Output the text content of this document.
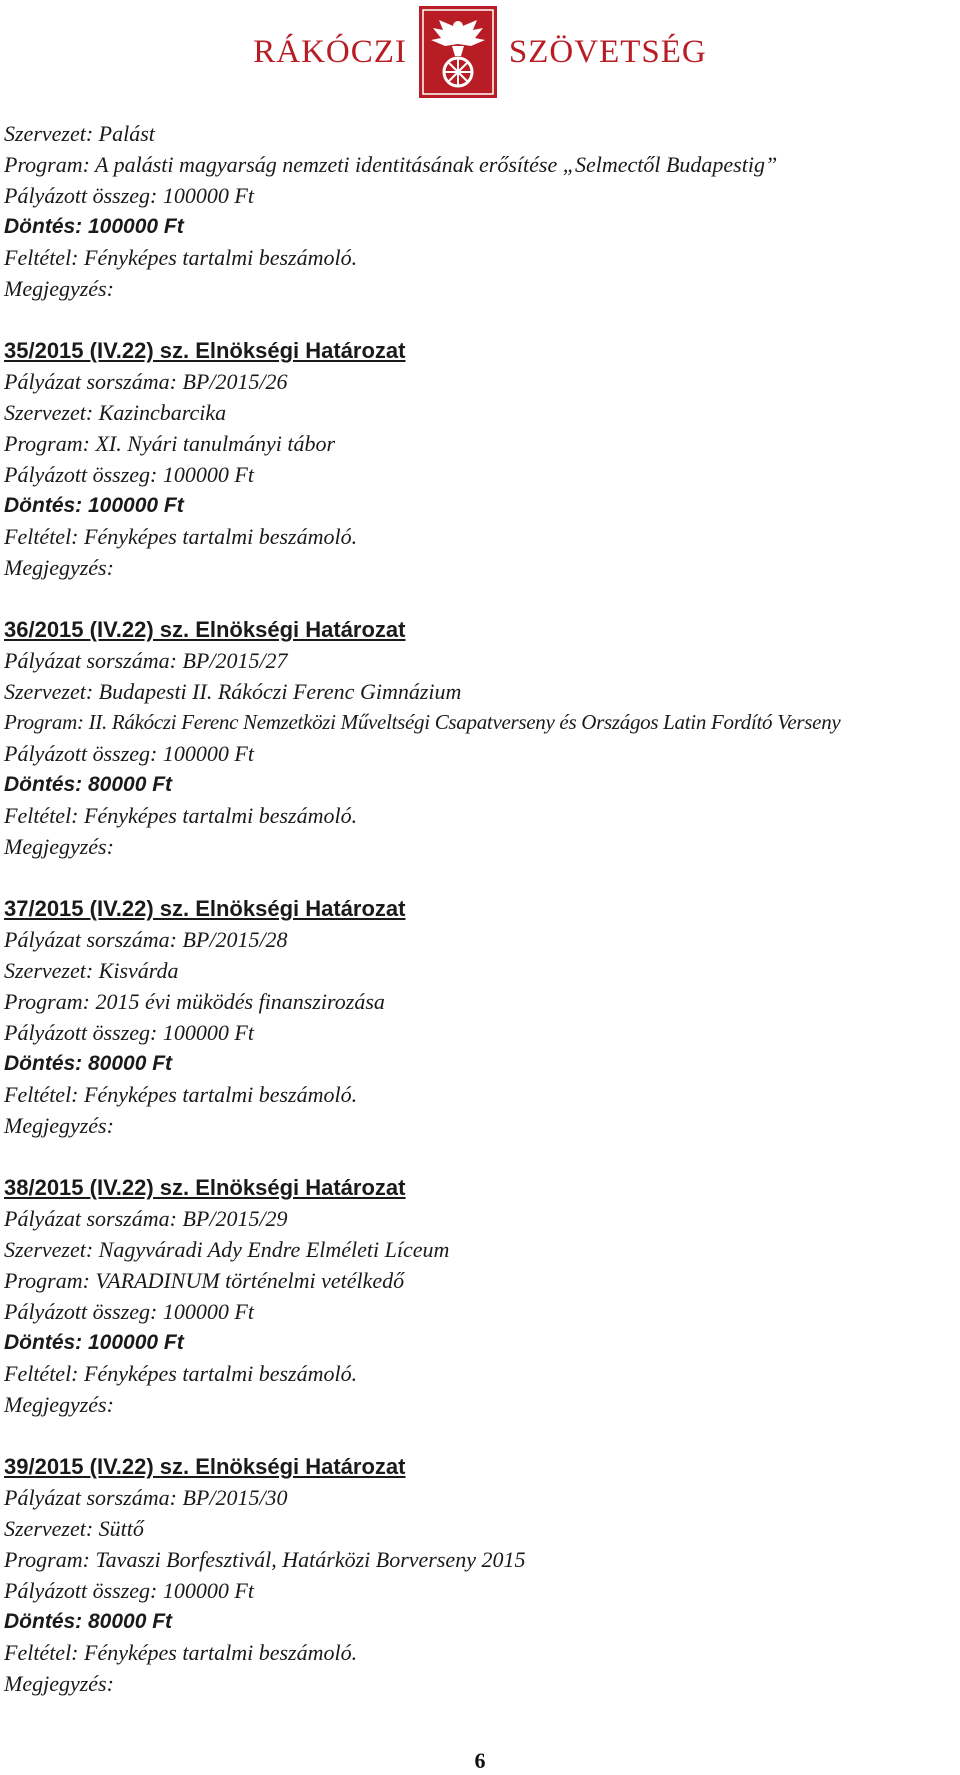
RÁKÓCZI	SZÖVETSÉG
Szervezet: Palást
Program: A palásti magyarság nemzeti identitásának erősítése „Selmectől Budapestig”
Pályázott összeg: 100000 Ft
Döntés: 100000 Ft
Feltétel: Fényképes tartalmi beszámoló.
Megjegyzés:
35/2015 (IV.22) sz. Elnökségi Határozat
Pályázat sorszáma: BP/2015/26
Szervezet: Kazincbarcika
Program: XI. Nyári tanulmányi tábor
Pályázott összeg: 100000 Ft
Döntés: 100000 Ft
Feltétel: Fényképes tartalmi beszámoló.
Megjegyzés:
36/2015 (IV.22) sz. Elnökségi Határozat
Pályázat sorszáma: BP/2015/27
Szervezet: Budapesti II. Rákóczi Ferenc Gimnázium
Program: II. Rákóczi Ferenc Nemzetközi Műveltségi Csapatverseny és Országos Latin Fordító Verseny
Pályázott összeg: 100000 Ft
Döntés: 80000 Ft
Feltétel: Fényképes tartalmi beszámoló.
Megjegyzés:
37/2015 (IV.22) sz. Elnökségi Határozat
Pályázat sorszáma: BP/2015/28
Szervezet: Kisvárda
Program: 2015 évi müködés finanszirozása
Pályázott összeg: 100000 Ft
Döntés: 80000 Ft
Feltétel: Fényképes tartalmi beszámoló.
Megjegyzés:
38/2015 (IV.22) sz. Elnökségi Határozat
Pályázat sorszáma: BP/2015/29
Szervezet: Nagyváradi Ady Endre Elméleti Líceum
Program: VARADINUM történelmi vetélkedő
Pályázott összeg: 100000 Ft
Döntés: 100000 Ft
Feltétel: Fényképes tartalmi beszámoló.
Megjegyzés:
39/2015 (IV.22) sz. Elnökségi Határozat
Pályázat sorszáma: BP/2015/30
Szervezet: Süttő
Program: Tavaszi Borfesztivál, Határközi Borverseny 2015
Pályázott összeg: 100000 Ft
Döntés: 80000 Ft
Feltétel: Fényképes tartalmi beszámoló.
Megjegyzés:
6
